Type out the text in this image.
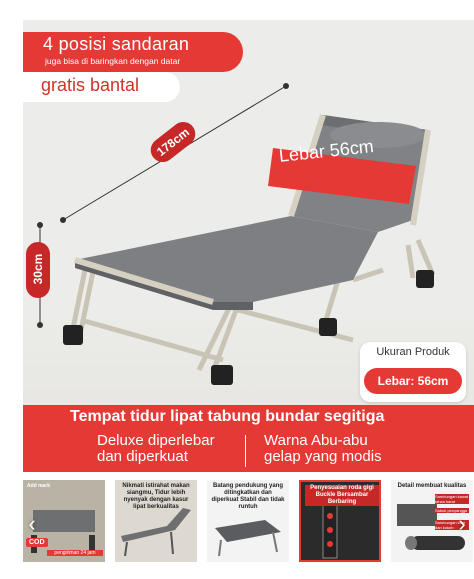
4 posisi sandaran
juga bisa di baringkan dengan datar
gratis bantal
178cm
30cm
Lebar 56cm
Ukuran Produk
Lebar: 56cm
Tempat tidur lipat tabung bundar segitiga
Deluxe diperlebar
dan diperkuat
Warna Abu-abu
gelap yang modis
Add mark
COD
pengiriman 24 jam
Nikmati istirahat makan siangmu, Tidur lebih nyenyak dengan kasur lipat berkualitas
Batang pendukung yang ditingkatkan dan diperkuat Stabil dan tidak runtuh
Penyesuaian roda gigi Buckle Bersambar Berbaring
Detail membuat kualitas
Sambungan kawat tahan karat
Sabuk penyangga
Sambungan kuat dan kokoh
‹	›
